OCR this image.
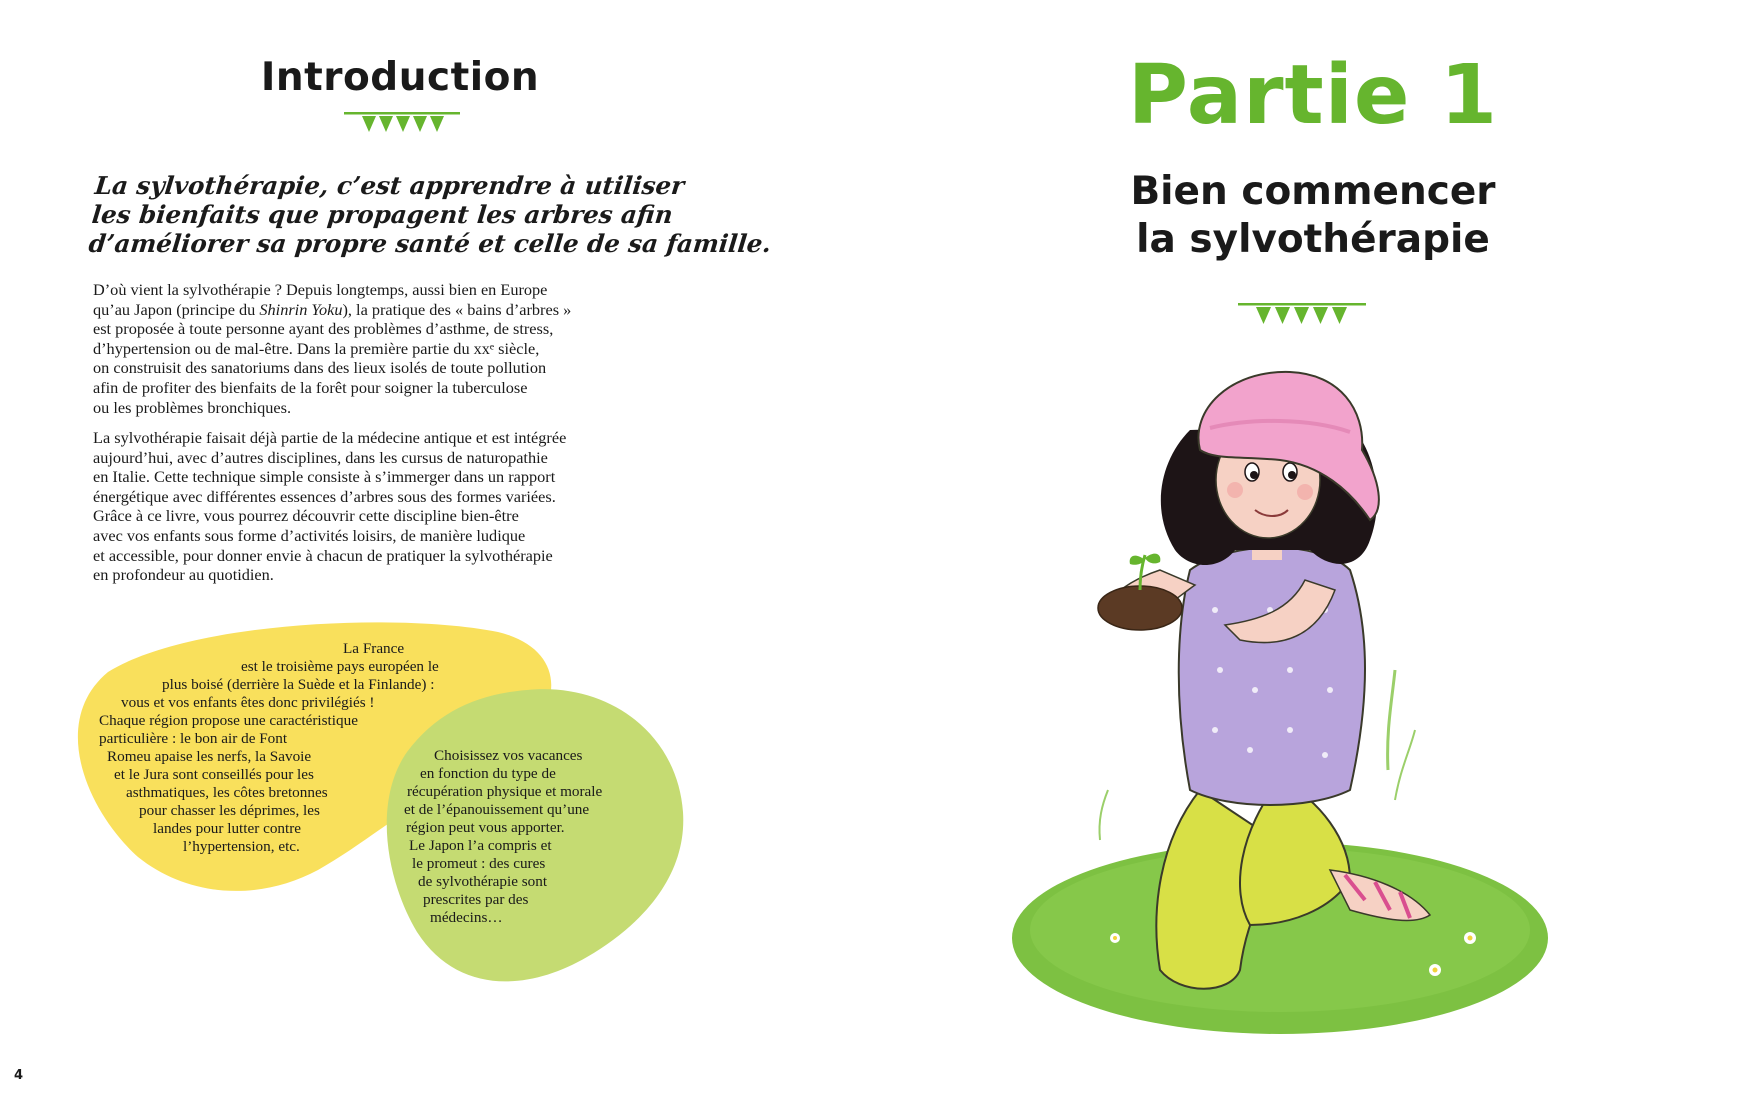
Introduction

La sylvothérapie, c’est apprendre à utiliser
les bienfaits que propagent les arbres afin
d’améliorer sa propre santé et celle de sa famille.

D’où vient la sylvothérapie ? Depuis longtemps, aussi bien en Europe
qu’au Japon (principe du Shinrin Yoku), la pratique des « bains d’arbres »
est proposée à toute personne ayant des problèmes d’asthme, de stress,
d’hypertension ou de mal-être. Dans la première partie du xxᵉ siècle,
on construisit des sanatoriums dans des lieux isolés de toute pollution
afin de profiter des bienfaits de la forêt pour soigner la tuberculose
ou les problèmes bronchiques.

La sylvothérapie faisait déjà partie de la médecine antique et est intégrée
aujourd’hui, avec d’autres disciplines, dans les cursus de naturopathie
en Italie. Cette technique simple consiste à s’immerger dans un rapport
énergétique avec différentes essences d’arbres sous des formes variées.
Grâce à ce livre, vous pourrez découvrir cette discipline bien-être
avec vos enfants sous forme d’activités loisirs, de manière ludique
et accessible, pour donner envie à chacun de pratiquer la sylvothérapie
en profondeur au quotidien.

La France
est le troisième pays européen le
plus boisé (derrière la Suède et la Finlande) :
vous et vos enfants êtes donc privilégiés !
Chaque région propose une caractéristique
particulière : le bon air de Font
Romeu apaise les nerfs, la Savoie
et le Jura sont conseillés pour les
asthmatiques, les côtes bretonnes
pour chasser les déprimes, les
landes pour lutter contre
l’hypertension, etc.

Choisissez vos vacances
en fonction du type de
récupération physique et morale
et de l’épanouissement qu’une
région peut vous apporter.
Le Japon l’a compris et
le promeut : des cures
de sylvothérapie sont
prescrites par des
médecins…

4

Partie 1
Bien commencer
la sylvothérapie
